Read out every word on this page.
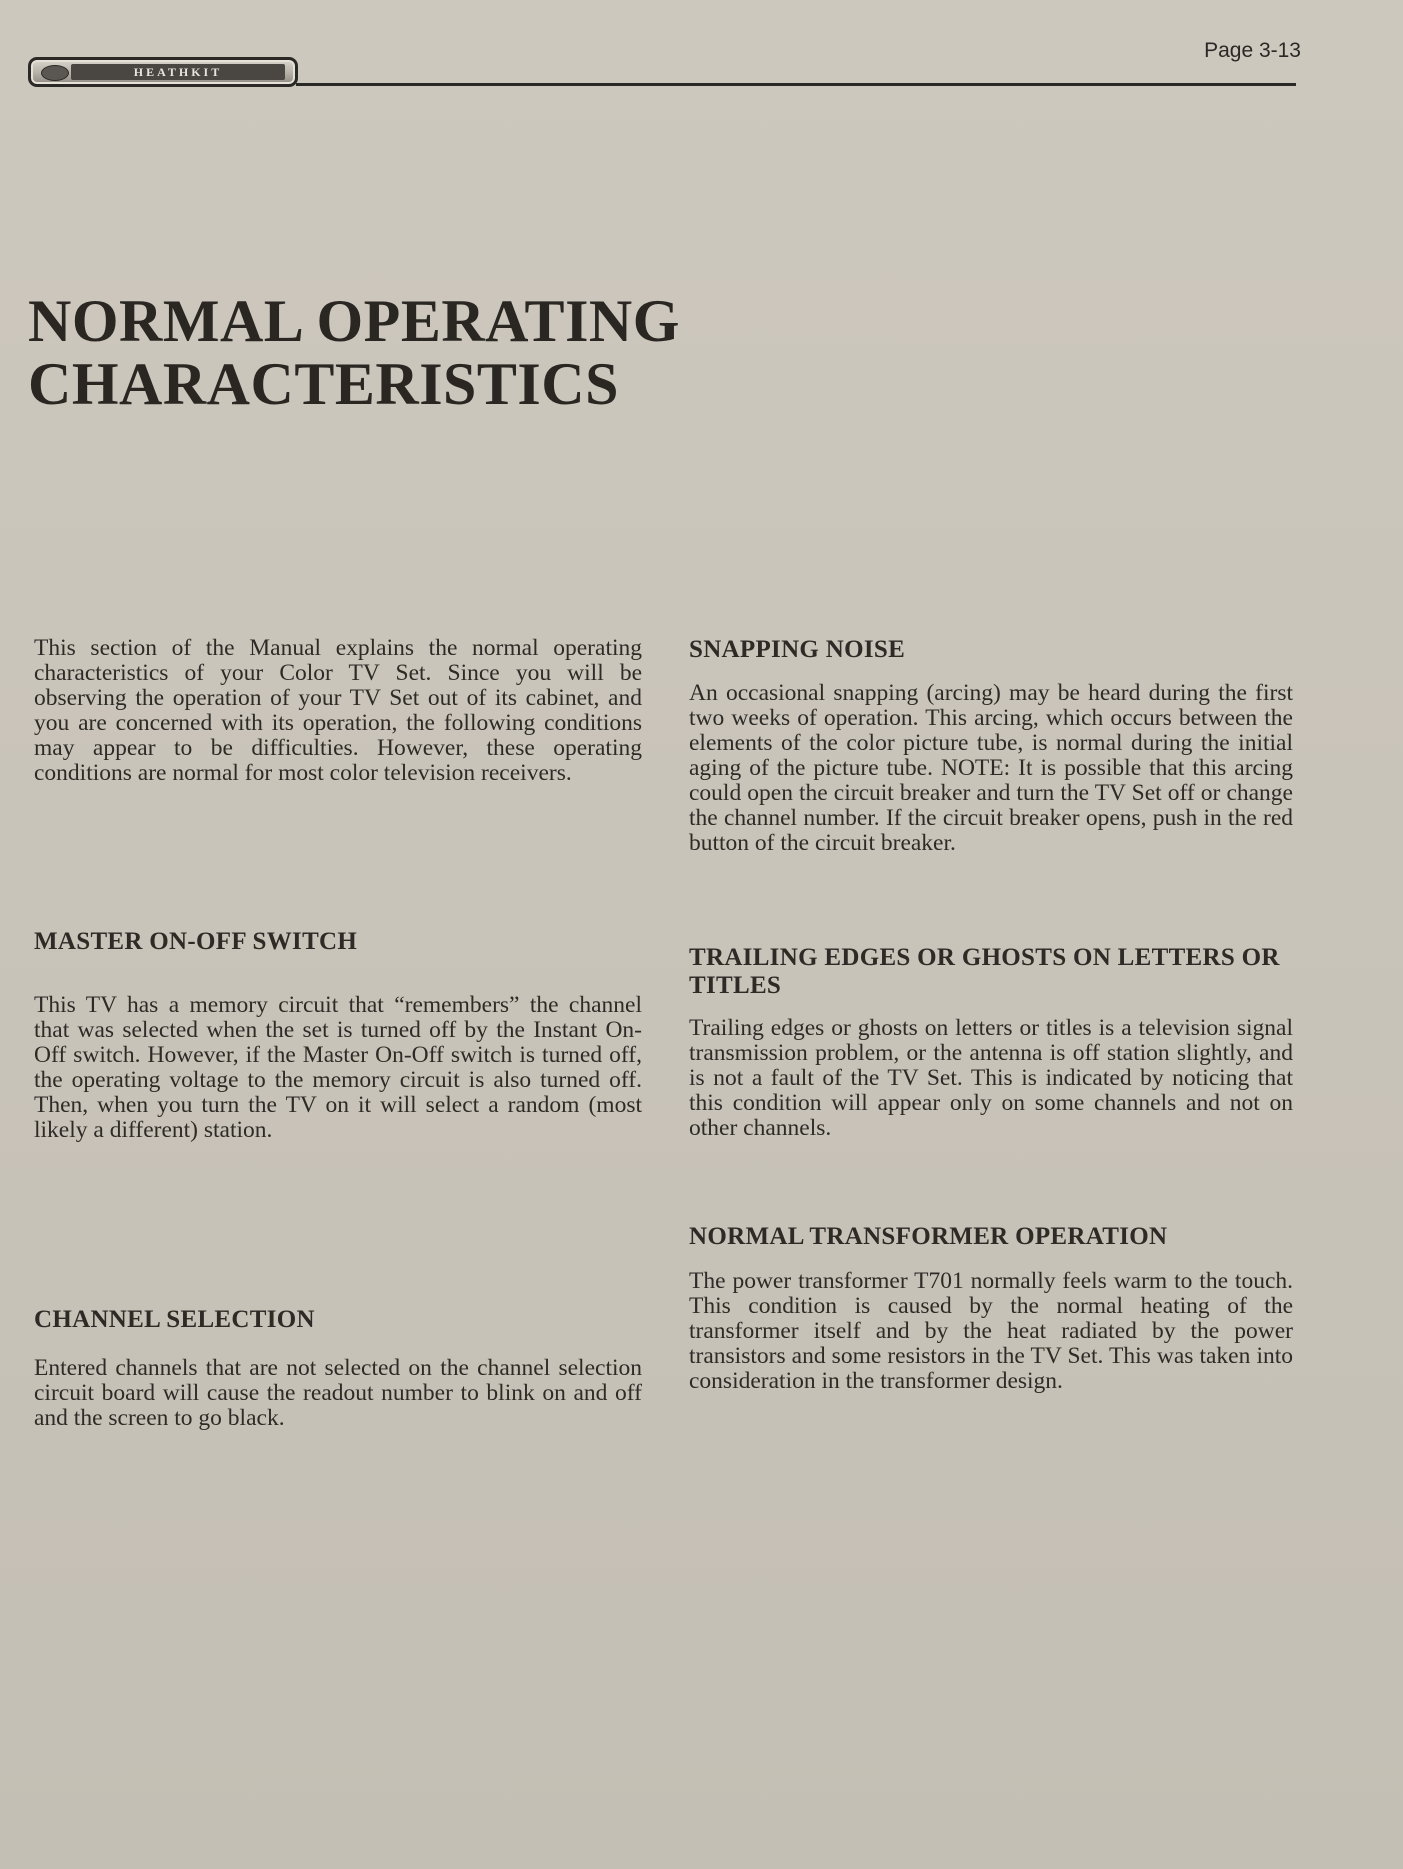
HEATHKIT
Page 3-13
NORMAL OPERATING
CHARACTERISTICS

This section of the Manual explains the normal operating characteristics of your Color TV Set. Since you will be observing the operation of your TV Set out of its cabinet, and you are concerned with its operation, the following conditions may appear to be difficulties. However, these operating conditions are normal for most color television receivers.

MASTER ON-OFF SWITCH

This TV has a memory circuit that “remembers” the channel that was selected when the set is turned off by the Instant On-Off switch. However, if the Master On-Off switch is turned off, the operating voltage to the memory circuit is also turned off. Then, when you turn the TV on it will select a random (most likely a different) station.

CHANNEL SELECTION

Entered channels that are not selected on the channel selection circuit board will cause the readout number to blink on and off and the screen to go black.

SNAPPING NOISE

An occasional snapping (arcing) may be heard during the first two weeks of operation. This arcing, which occurs between the elements of the color picture tube, is normal during the initial aging of the picture tube. NOTE: It is possible that this arcing could open the circuit breaker and turn the TV Set off or change the channel number. If the circuit breaker opens, push in the red button of the circuit breaker.

TRAILING EDGES OR GHOSTS ON LETTERS OR TITLES

Trailing edges or ghosts on letters or titles is a television signal transmission problem, or the antenna is off station slightly, and is not a fault of the TV Set. This is indicated by noticing that this condition will appear only on some channels and not on other channels.

NORMAL TRANSFORMER OPERATION

The power transformer T701 normally feels warm to the touch. This condition is caused by the normal heating of the transformer itself and by the heat radiated by the power transistors and some resistors in the TV Set. This was taken into consideration in the transformer design.
